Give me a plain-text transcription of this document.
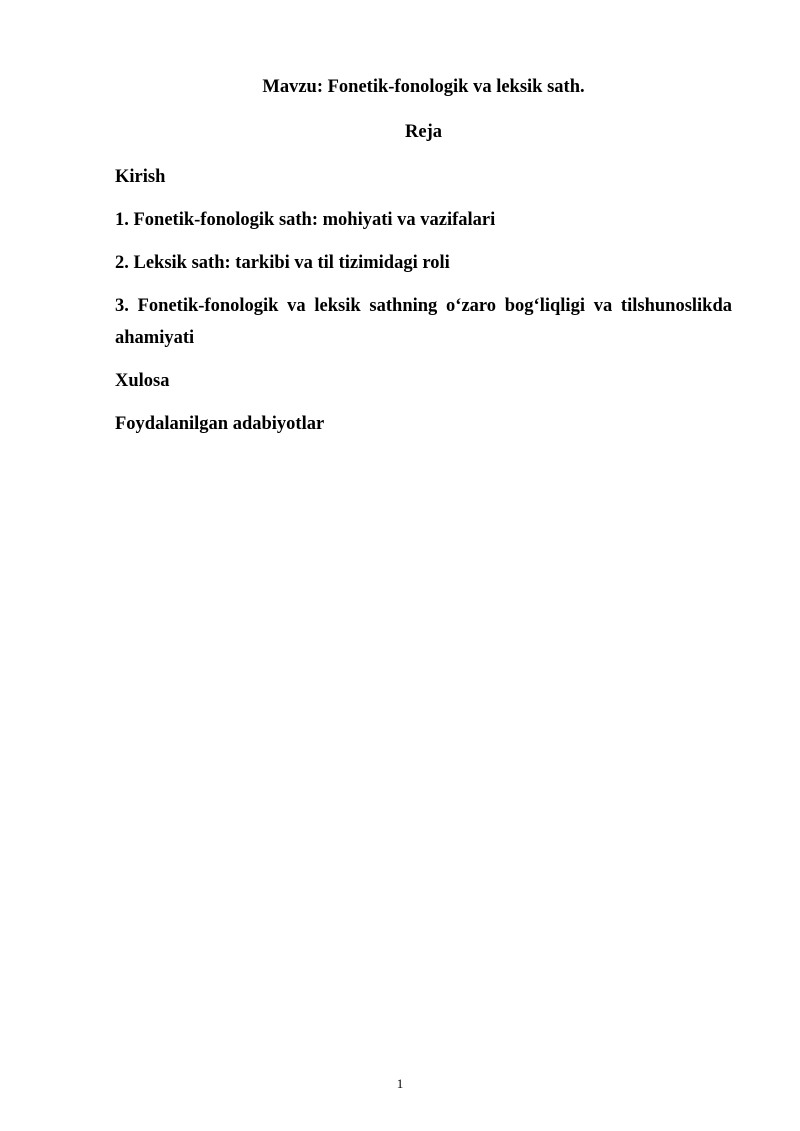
Mavzu: Fonetik-fonologik va leksik sath.
Reja
Kirish
1. Fonetik-fonologik sath: mohiyati va vazifalari
2. Leksik sath: tarkibi va til tizimidagi roli
3. Fonetik-fonologik va leksik sathning o‘zaro bog‘liqligi va tilshunoslikda ahamiyati
Xulosa
Foydalanilgan adabiyotlar
1
